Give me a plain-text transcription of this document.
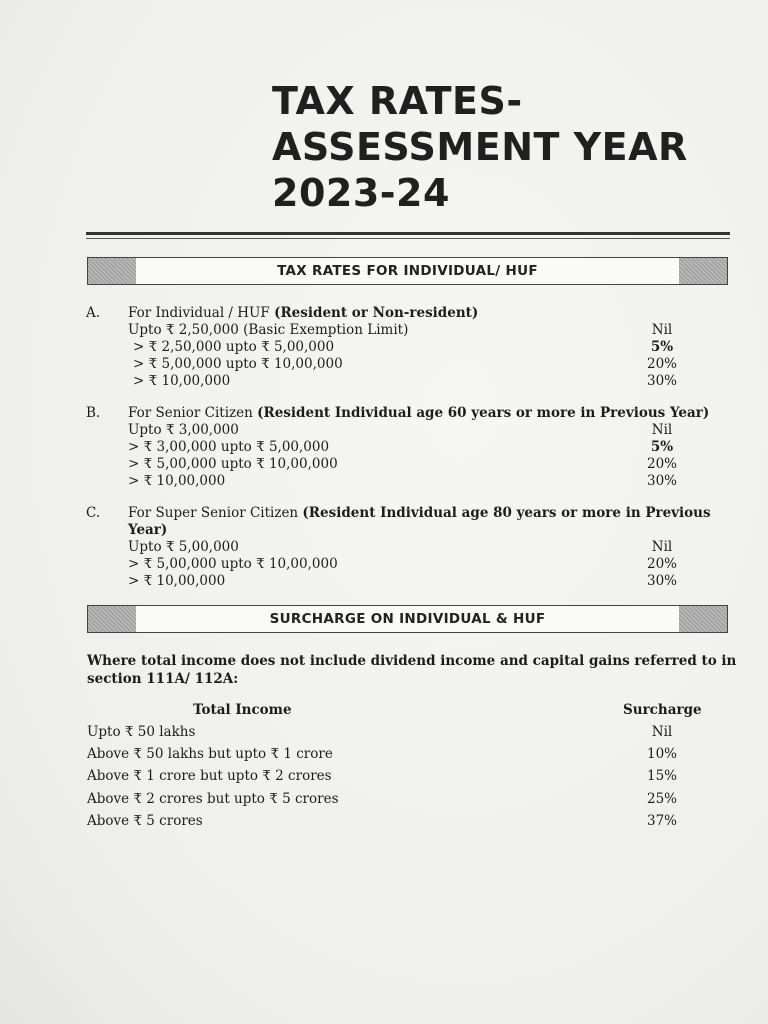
TAX RATES-
ASSESSMENT YEAR
2023-24
TAX RATES FOR INDIVIDUAL/ HUF
A. For Individual / HUF (Resident or Non-resident)
Upto ₹ 2,50,000 (Basic Exemption Limit)	Nil
> ₹ 2,50,000 upto ₹ 5,00,000	5%
> ₹ 5,00,000 upto ₹ 10,00,000	20%
> ₹ 10,00,000	30%
B. For Senior Citizen (Resident Individual age 60 years or more in Previous Year)
Upto ₹ 3,00,000	Nil
> ₹ 3,00,000 upto ₹ 5,00,000	5%
> ₹ 5,00,000 upto ₹ 10,00,000	20%
> ₹ 10,00,000	30%
C. For Super Senior Citizen (Resident Individual age 80 years or more in Previous Year)
Upto ₹ 5,00,000	Nil
> ₹ 5,00,000 upto ₹ 10,00,000	20%
> ₹ 10,00,000	30%
SURCHARGE ON INDIVIDUAL & HUF
Where total income does not include dividend income and capital gains referred to in section 111A/ 112A:
Total Income	Surcharge
Upto ₹ 50 lakhs	Nil
Above ₹ 50 lakhs but upto ₹ 1 crore	10%
Above ₹ 1 crore but upto ₹ 2 crores	15%
Above ₹ 2 crores but upto ₹ 5 crores	25%
Above ₹ 5 crores	37%
